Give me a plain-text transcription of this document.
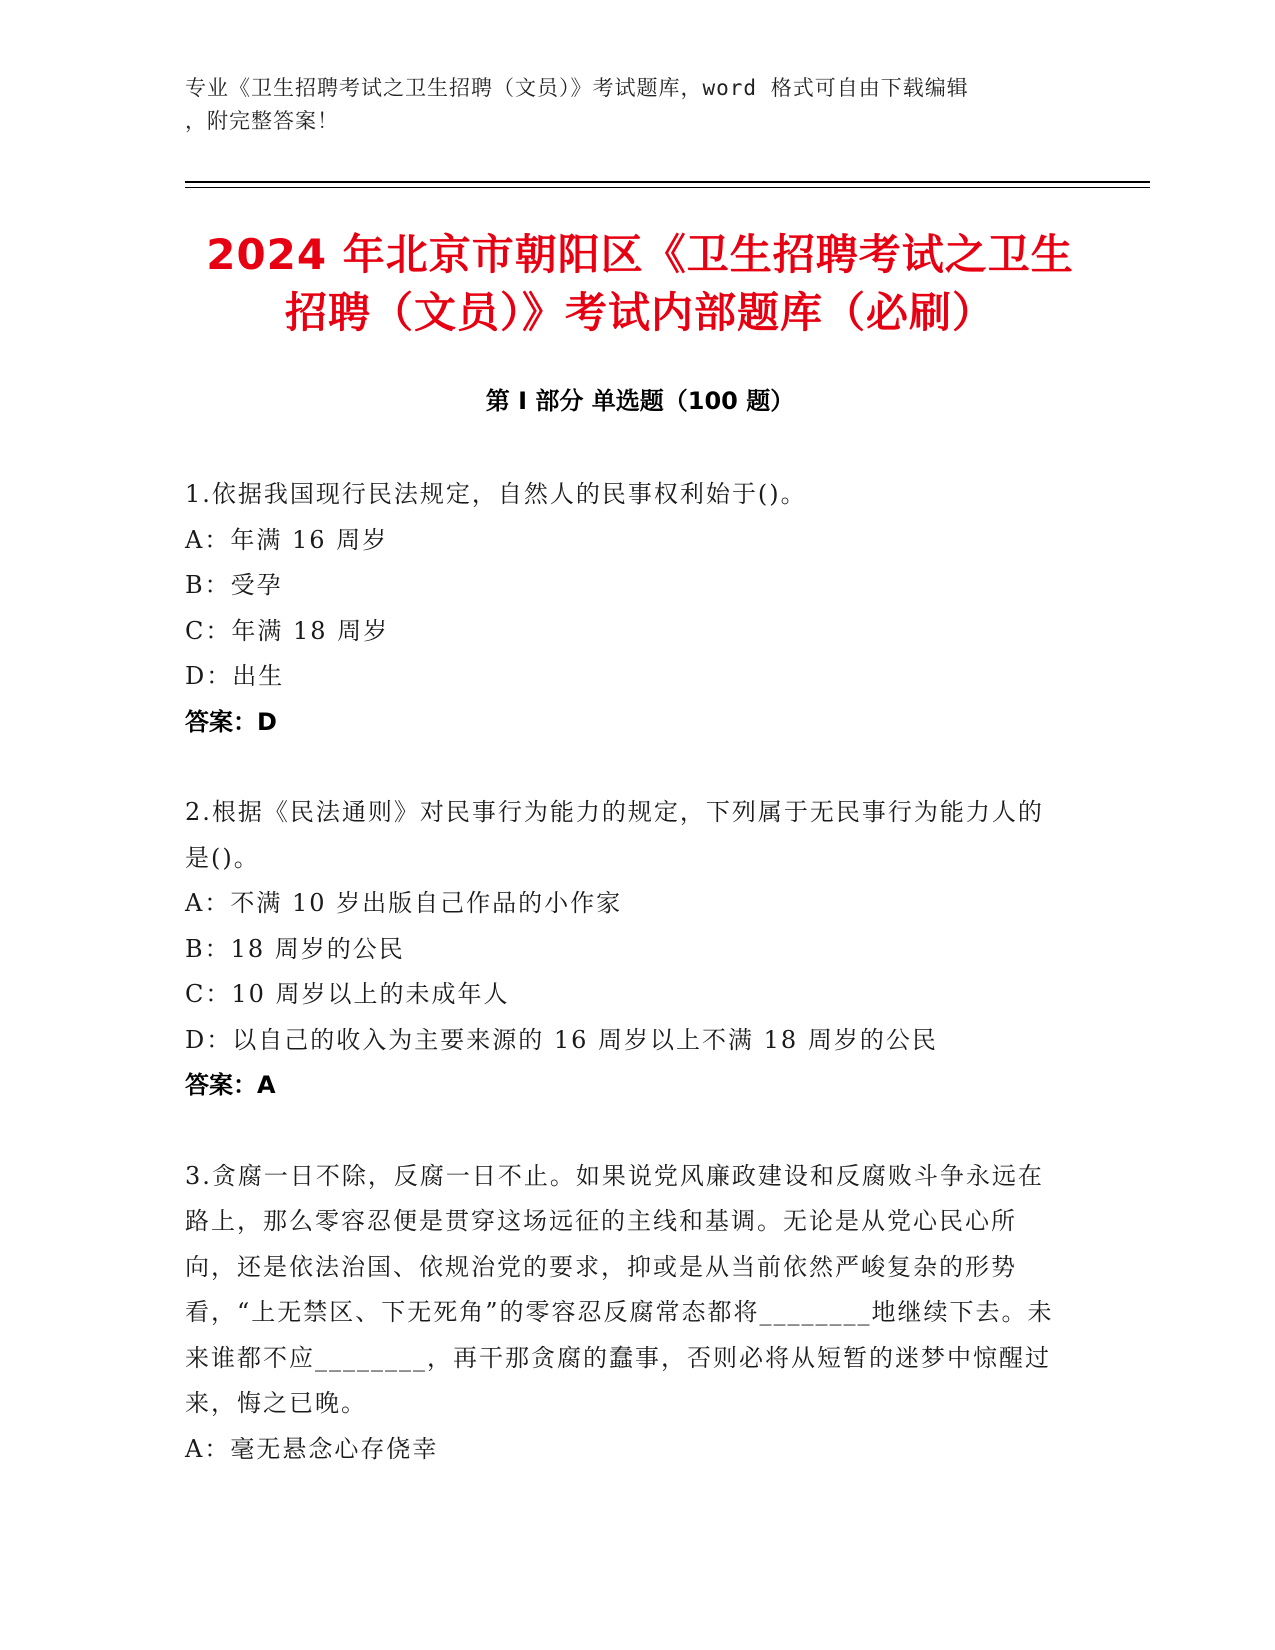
专业《卫生招聘考试之卫生招聘（文员）》考试题库，word 格式可自由下载编辑
，附完整答案！
2024 年北京市朝阳区《卫生招聘考试之卫生
招聘（文员）》考试内部题库（必刷）
第 I 部分 单选题（100 题）

1.依据我国现行民法规定，自然人的民事权利始于()。

A：年满 16 周岁
B：受孕
C：年满 18 周岁
D：出生
答案：D

2.根据《民法通则》对民事行为能力的规定，下列属于无民事行为能力人的是()。

A：不满 10 岁出版自己作品的小作家
B：18 周岁的公民
C：10 周岁以上的未成年人
D：以自己的收入为主要来源的 16 周岁以上不满 18 周岁的公民
答案：A

3.贪腐一日不除，反腐一日不止。如果说党风廉政建设和反腐败斗争永远在路上，那么零容忍便是贯穿这场远征的主线和基调。无论是从党心民心所向，还是依法治国、依规治党的要求，抑或是从当前依然严峻复杂的形势看，“上无禁区、下无死角”的零容忍反腐常态都将________地继续下去。未来谁都不应________，再干那贪腐的蠢事，否则必将从短暂的迷梦中惊醒过来，悔之已晚。

A：毫无悬念心存侥幸
